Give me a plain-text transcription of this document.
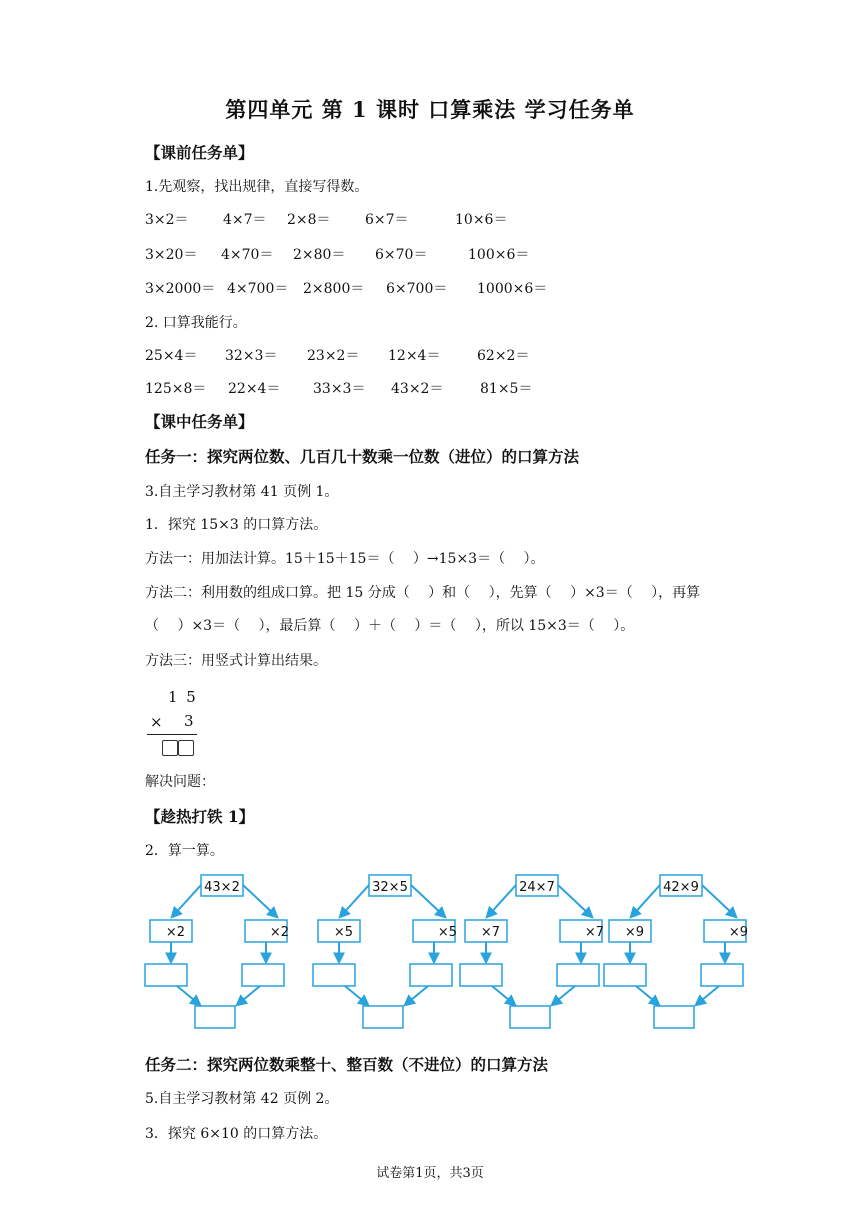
第四单元 第 1 课时 口算乘法 学习任务单
【课前任务单】
1.先观察，找出规律，直接写得数。
3×2＝ 4×7＝ 2×8＝ 6×7＝	10×6＝
3×20＝ 4×70＝ 2×80＝ 6×70＝	100×6＝
3×2000＝ 4×700＝ 2×800＝ 6×700＝ 1000×6＝
2. 口算我能行。
25×4＝ 32×3＝ 23×2＝ 12×4＝	62×2＝
125×8＝ 22×4＝ 33×3＝ 43×2＝	81×5＝
【课中任务单】
任务一：探究两位数、几百几十数乘一位数（进位）的口算方法
3.自主学习教材第 41 页例 1。
1．探究 15×3 的口算方法。
方法一：用加法计算。15＋15＋15＝（　 ）→15×3＝（　 ）。
方法二：利用数的组成口算。把 15 分成（　 ）和（　 ），先算（　 ）×3＝（　 ），再算
（　 ）×3＝（　 ），最后算（　 ）＋（　 ）＝（　 ），所以 15×3＝（　 ）。
方法三：用竖式计算出结果。
1 5
× 3
解决问题：
【趁热打铁 1】
2．算一算。
43×2
×2	×2
32×5
×5	×5
24×7
×7	×7
42×9
×9	×9
任务二：探究两位数乘整十、整百数（不进位）的口算方法
5.自主学习教材第 42 页例 2。
3．探究 6×10 的口算方法。
试卷第1页，共3页
